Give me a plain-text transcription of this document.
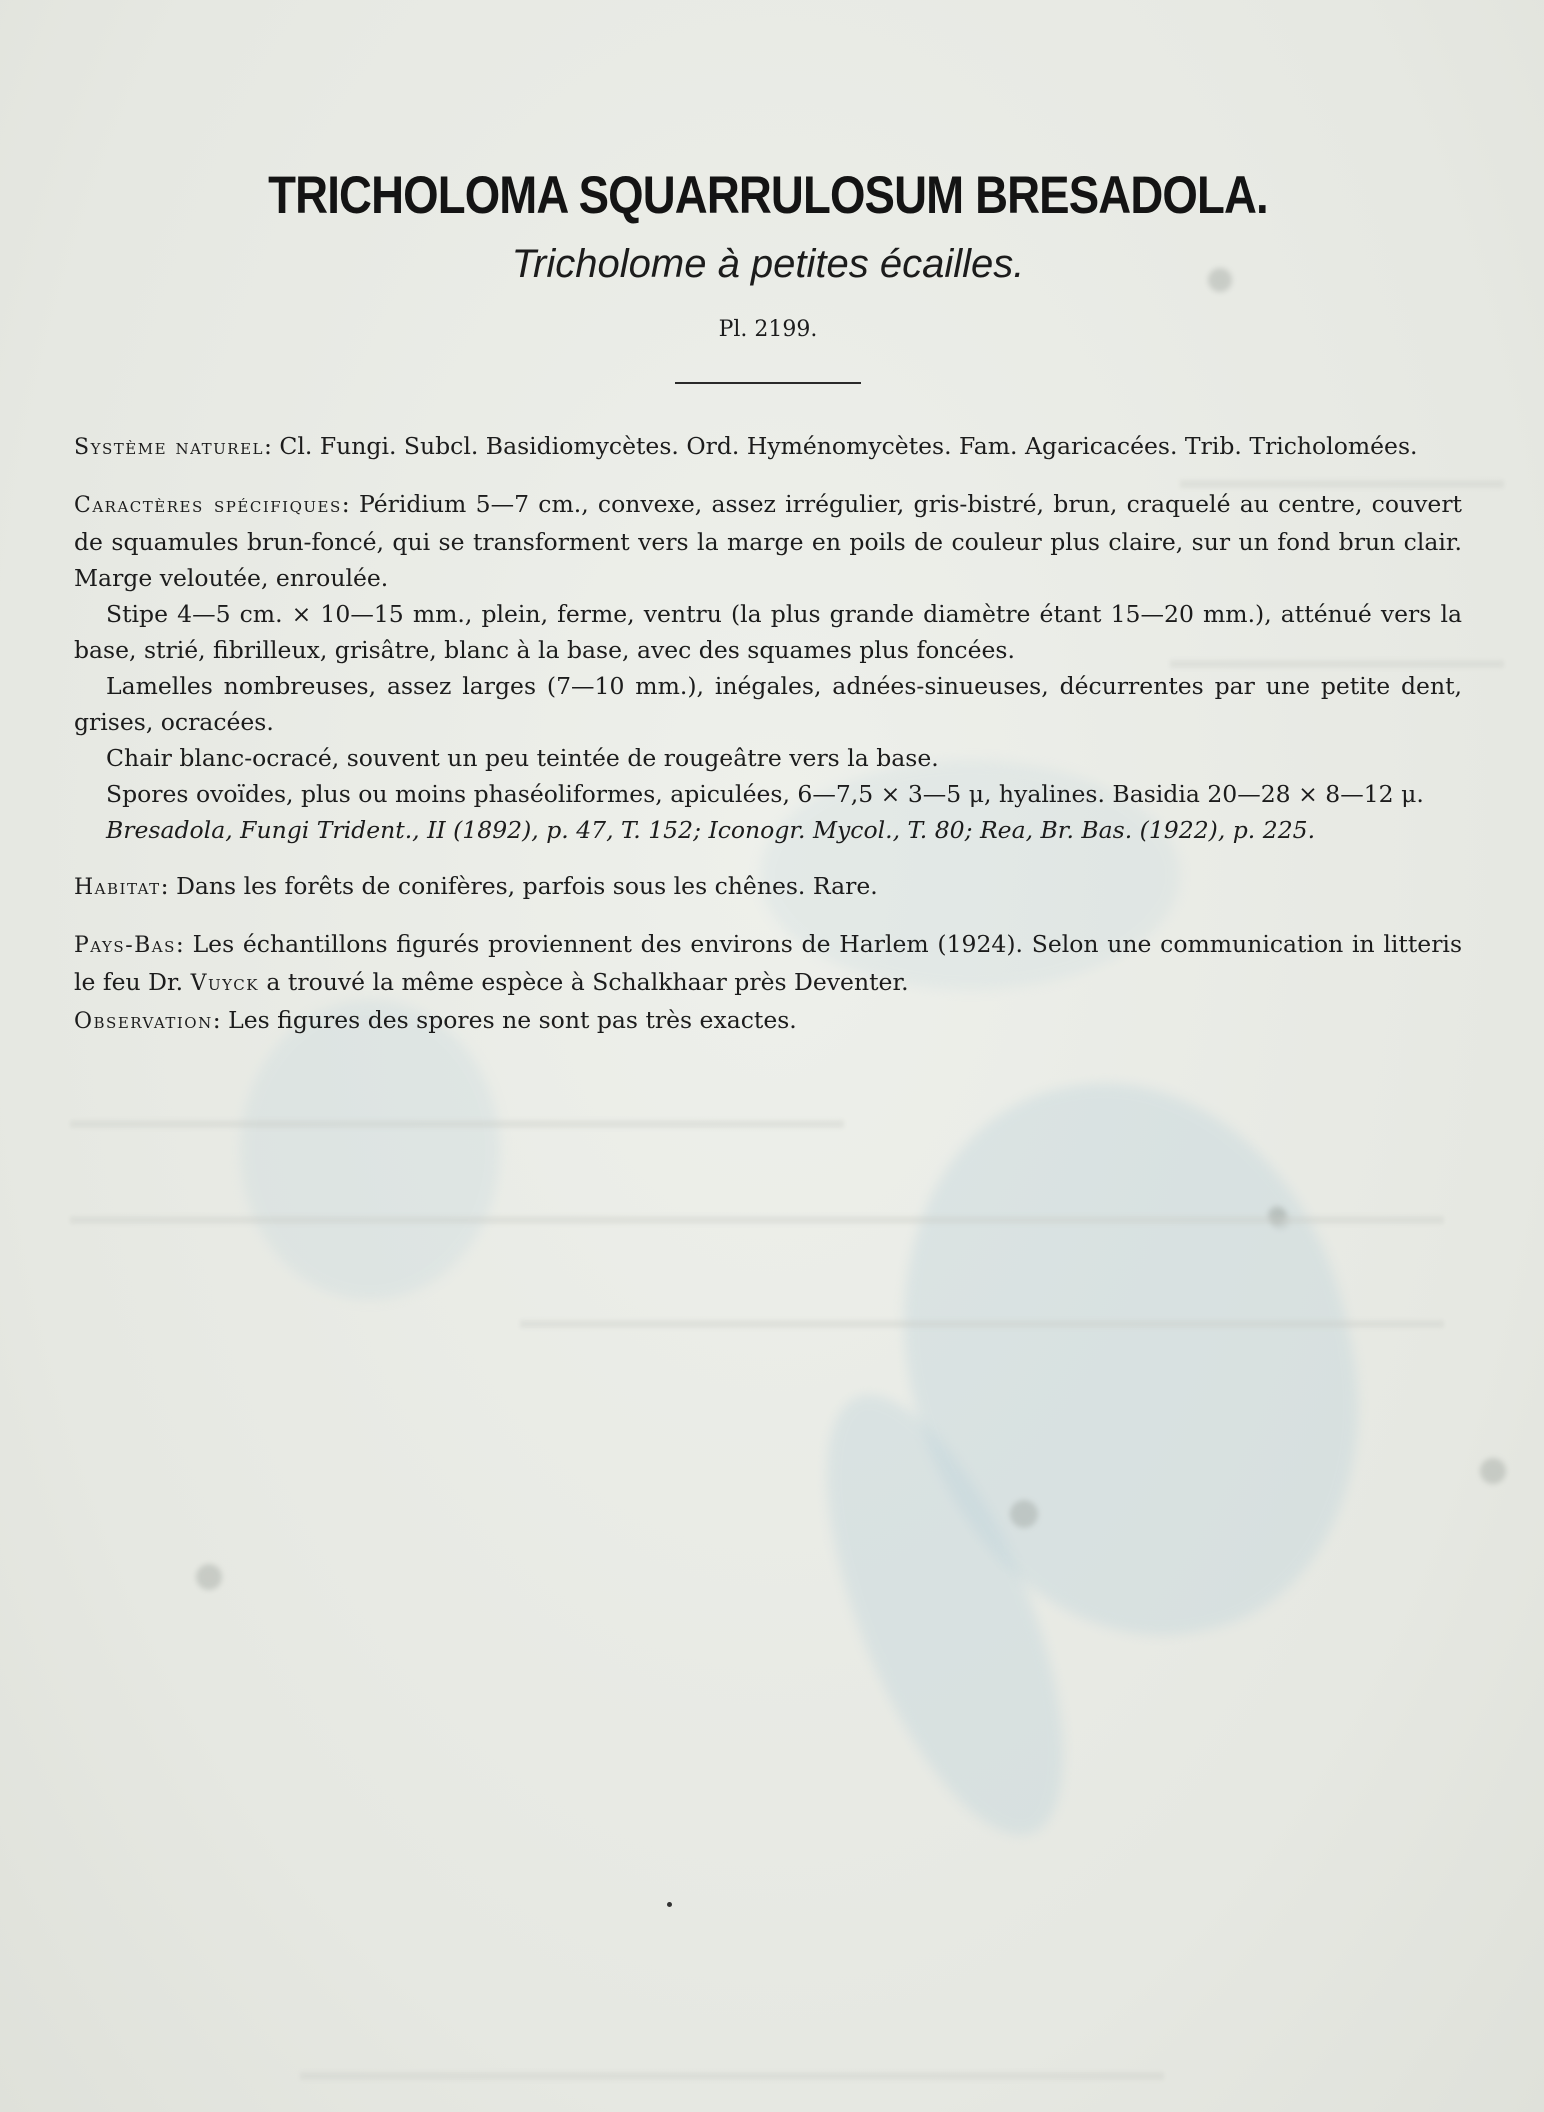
TRICHOLOMA SQUARRULOSUM BRESADOLA.
Tricholome à petites écailles.
Pl. 2199.

Système naturel: Cl. Fungi. Subcl. Basidiomycètes. Ord. Hyménomycètes. Fam. Agaricacées. Trib. Tricholomées.

Caractères spécifiques: Péridium 5—7 cm., convexe, assez irrégulier, gris-bistré, brun, craquelé au centre, couvert de squamules brun-foncé, qui se transforment vers la marge en poils de couleur plus claire, sur un fond brun clair. Marge veloutée, enroulée.

Stipe 4—5 cm. × 10—15 mm., plein, ferme, ventru (la plus grande diamètre étant 15—20 mm.), atténué vers la base, strié, fibrilleux, grisâtre, blanc à la base, avec des squames plus foncées.

Lamelles nombreuses, assez larges (7—10 mm.), inégales, adnées-sinueuses, décurrentes par une petite dent, grises, ocracées.

Chair blanc-ocracé, souvent un peu teintée de rougeâtre vers la base.

Spores ovoïdes, plus ou moins phaséoliformes, apiculées, 6—7,5 × 3—5 μ, hyalines. Basidia 20—28 × 8—12 μ.

Bresadola, Fungi Trident., II (1892), p. 47, T. 152; Iconogr. Mycol., T. 80; Rea, Br. Bas. (1922), p. 225.

Habitat: Dans les forêts de conifères, parfois sous les chênes. Rare.

Pays-Bas: Les échantillons figurés proviennent des environs de Harlem (1924). Selon une communication in litteris le feu Dr. Vuyck a trouvé la même espèce à Schalkhaar près Deventer.

Observation: Les figures des spores ne sont pas très exactes.
